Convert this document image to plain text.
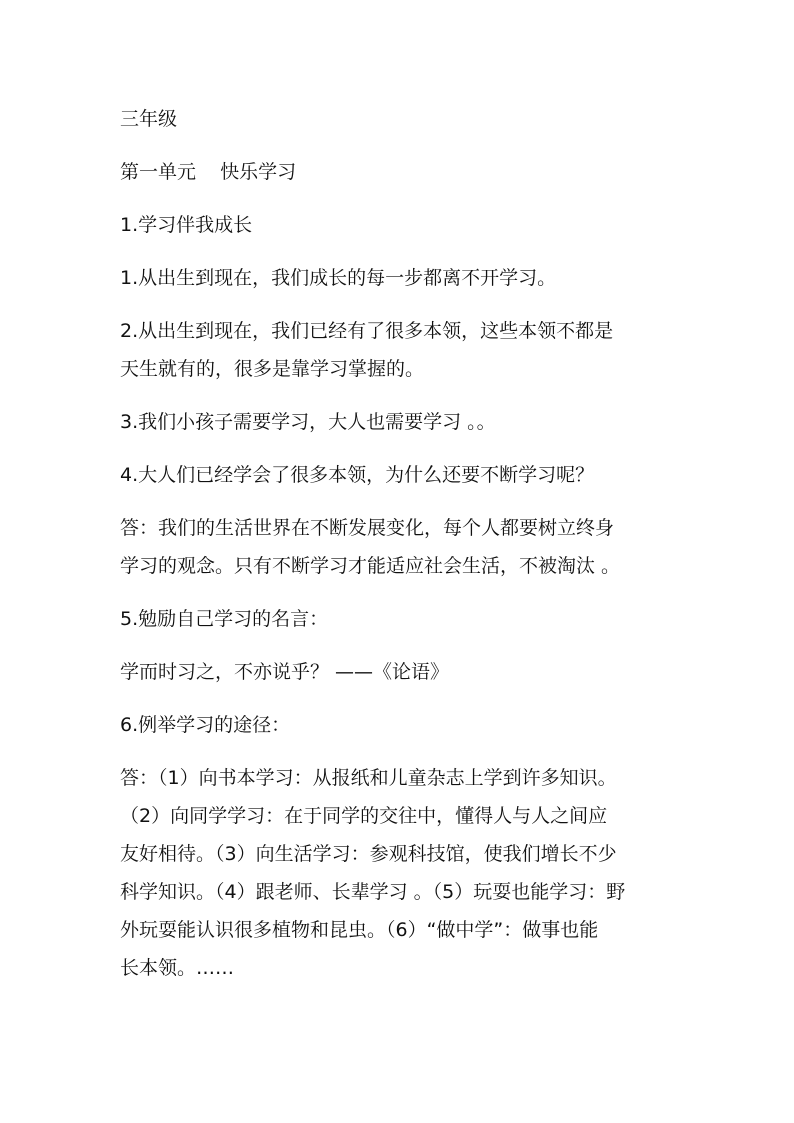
三年级

第一单元    快乐学习

1.学习伴我成长

1.从出生到现在，我们成长的每一步都离不开学习。

2.从出生到现在，我们已经有了很多本领，这些本领不都是
天生就有的，很多是靠学习掌握的。

3.我们小孩子需要学习，大人也需要学习 。。

4.大人们已经学会了很多本领，为什么还要不断学习呢？

答：我们的生活世界在不断发展变化，每个人都要树立终身
学习的观念。只有不断学习才能适应社会生活，不被淘汰 。

5.勉励自己学习的名言：

学而时习之，不亦说乎？ ——《论语》

6.例举学习的途径：

答：（1）向书本学习：从报纸和儿童杂志上学到许多知识。
（2）向同学学习：在于同学的交往中，懂得人与人之间应
友好相待。（3）向生活学习：参观科技馆，使我们增长不少
科学知识。（4）跟老师、长辈学习 。（5）玩耍也能学习：野
外玩耍能认识很多植物和昆虫。（6）“做中学”：做事也能
长本领。……
